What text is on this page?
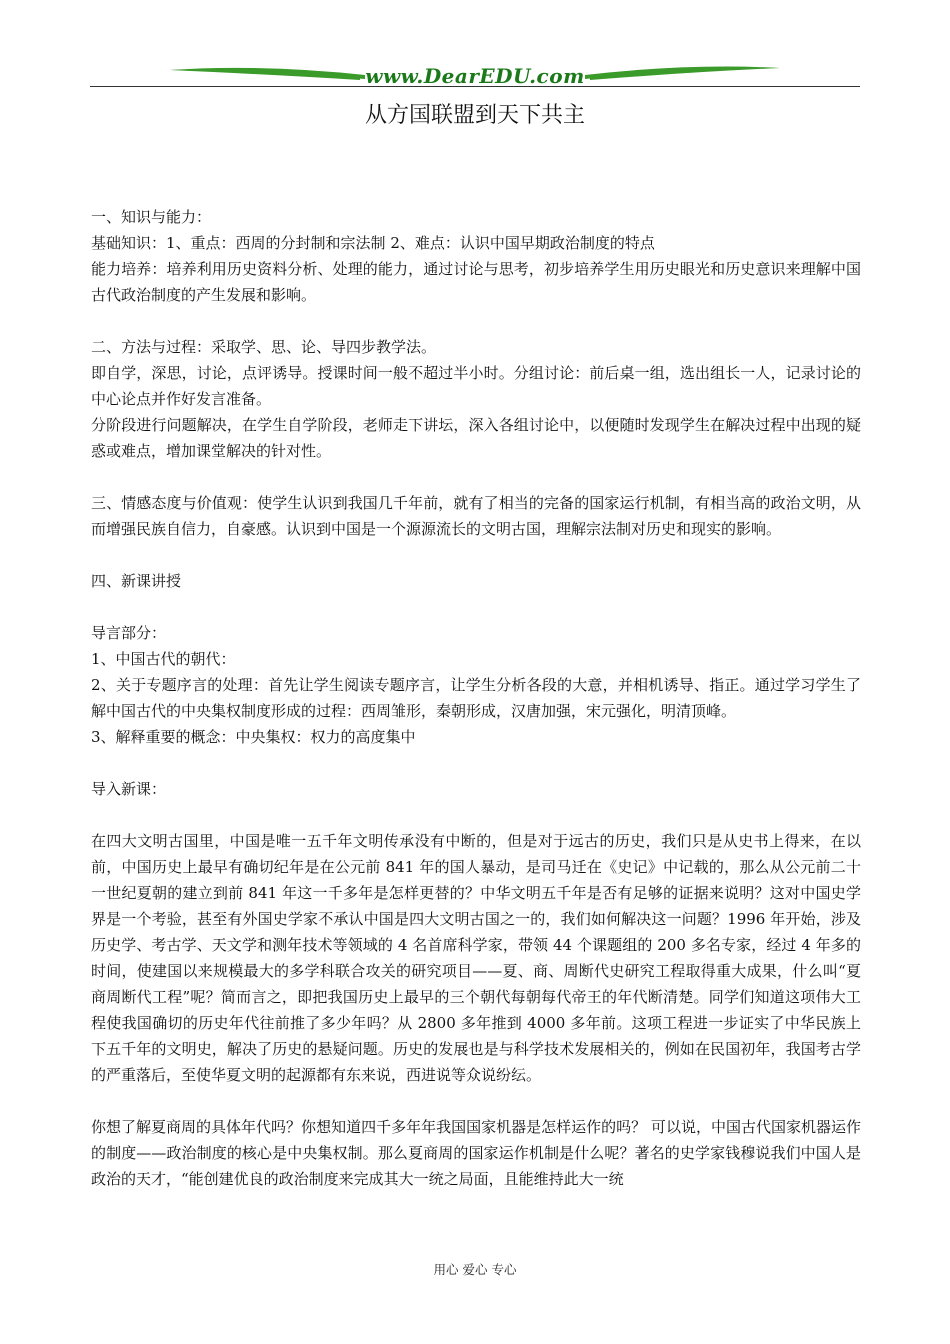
www.DearEDU.com
从方国联盟到天下共主

一、知识与能力：

基础知识：1、重点：西周的分封制和宗法制 2、难点：认识中国早期政治制度的特点

能力培养：培养利用历史资料分析、处理的能力，通过讨论与思考，初步培养学生用历史眼光和历史意识来理解中国古代政治制度的产生发展和影响。

二、方法与过程：采取学、思、论、导四步教学法。

即自学，深思，讨论，点评诱导。授课时间一般不超过半小时。分组讨论：前后桌一组，选出组长一人，记录讨论的中心论点并作好发言准备。

分阶段进行问题解决，在学生自学阶段，老师走下讲坛，深入各组讨论中，以便随时发现学生在解决过程中出现的疑惑或难点，增加课堂解决的针对性。

三、情感态度与价值观：使学生认识到我国几千年前，就有了相当的完备的国家运行机制，有相当高的政治文明，从而增强民族自信力，自豪感。认识到中国是一个源源流长的文明古国，理解宗法制对历史和现实的影响。

四、新课讲授

导言部分：

1、中国古代的朝代：

2、关于专题序言的处理：首先让学生阅读专题序言，让学生分析各段的大意，并相机诱导、指正。通过学习学生了解中国古代的中央集权制度形成的过程：西周雏形，秦朝形成，汉唐加强，宋元强化，明清顶峰。

3、解释重要的概念：中央集权：权力的高度集中

导入新课：

在四大文明古国里，中国是唯一五千年文明传承没有中断的，但是对于远古的历史，我们只是从史书上得来，在以前，中国历史上最早有确切纪年是在公元前 841 年的国人暴动，是司马迁在《史记》中记载的，那么从公元前二十一世纪夏朝的建立到前 841 年这一千多年是怎样更替的？中华文明五千年是否有足够的证据来说明？这对中国史学界是一个考验，甚至有外国史学家不承认中国是四大文明古国之一的，我们如何解决这一问题？1996 年开始，涉及历史学、考古学、天文学和测年技术等领域的 4 名首席科学家，带领 44 个课题组的 200 多名专家，经过 4 年多的时间，使建国以来规模最大的多学科联合攻关的研究项目——夏、商、周断代史研究工程取得重大成果，什么叫“夏商周断代工程”呢？简而言之，即把我国历史上最早的三个朝代每朝每代帝王的年代断清楚。同学们知道这项伟大工程使我国确切的历史年代往前推了多少年吗？从 2800 多年推到 4000 多年前。这项工程进一步证实了中华民族上下五千年的文明史，解决了历史的悬疑问题。历史的发展也是与科学技术发展相关的，例如在民国初年，我国考古学的严重落后，至使华夏文明的起源都有东来说，西进说等众说纷纭。

你想了解夏商周的具体年代吗？你想知道四千多年年我国国家机器是怎样运作的吗？ 可以说，中国古代国家机器运作的制度——政治制度的核心是中央集权制。那么夏商周的国家运作机制是什么呢？著名的史学家钱穆说我们中国人是政治的天才，“能创建优良的政治制度来完成其大一统之局面，且能维持此大一统

用心 爱心 专心
